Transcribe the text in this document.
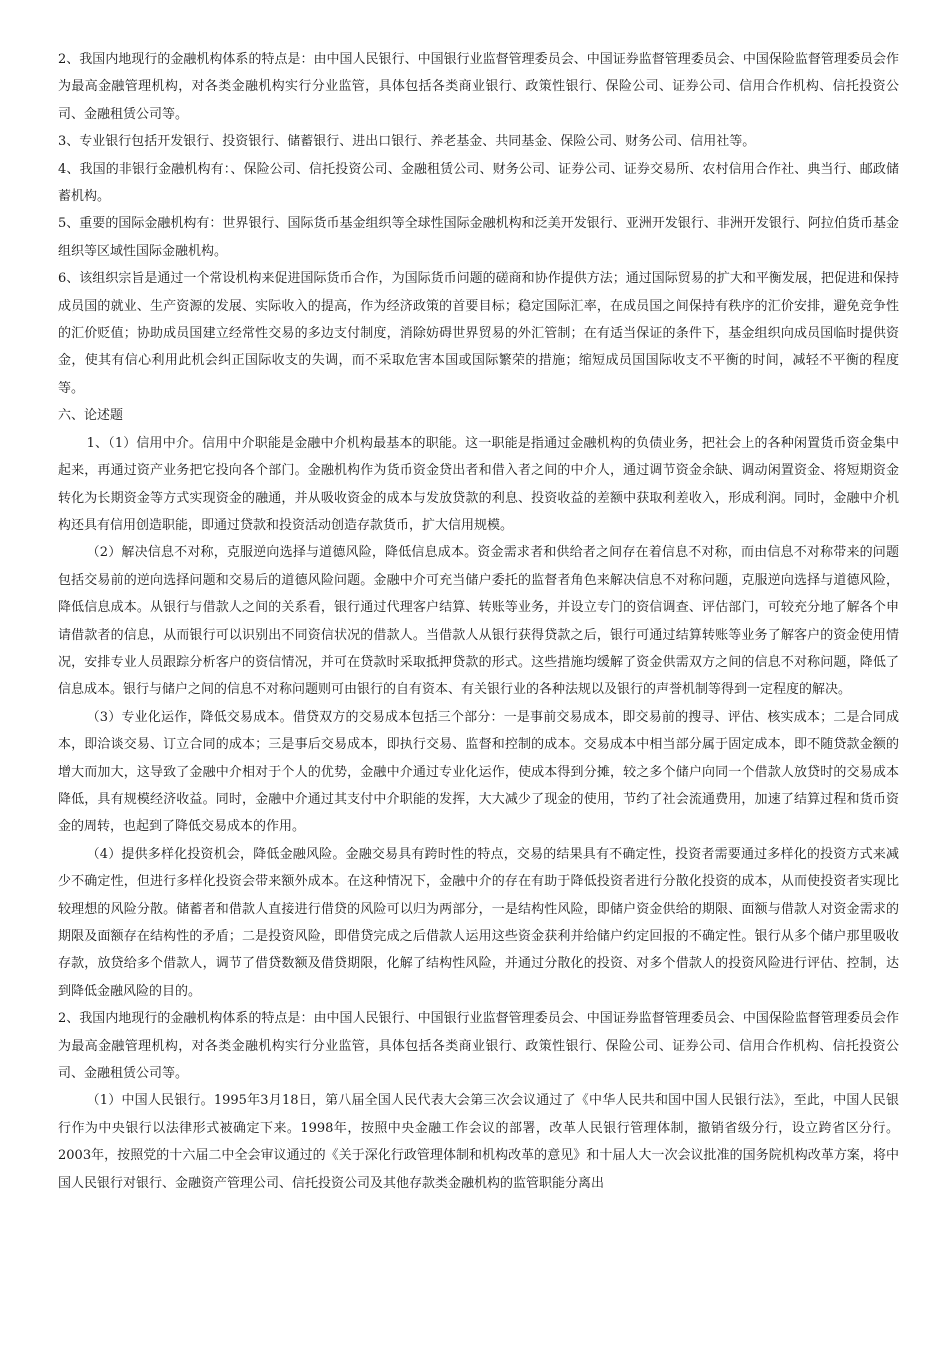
2、我国内地现行的金融机构体系的特点是：由中国人民银行、中国银行业监督管理委员会、中国证券监督管理委员会、中国保险监督管理委员会作为最高金融管理机构，对各类金融机构实行分业监管，具体包括各类商业银行、政策性银行、保险公司、证券公司、信用合作机构、信托投资公司、金融租赁公司等。

3、专业银行包括开发银行、投资银行、储蓄银行、进出口银行、养老基金、共同基金、保险公司、财务公司、信用社等。

4、我国的非银行金融机构有：、保险公司、信托投资公司、金融租赁公司、财务公司、证券公司、证券交易所、农村信用合作社、典当行、邮政储蓄机构。

5、重要的国际金融机构有：世界银行、国际货币基金组织等全球性国际金融机构和泛美开发银行、亚洲开发银行、非洲开发银行、阿拉伯货币基金组织等区域性国际金融机构。

6、该组织宗旨是通过一个常设机构来促进国际货币合作，为国际货币问题的磋商和协作提供方法；通过国际贸易的扩大和平衡发展，把促进和保持成员国的就业、生产资源的发展、实际收入的提高，作为经济政策的首要目标；稳定国际汇率，在成员国之间保持有秩序的汇价安排，避免竞争性的汇价贬值；协助成员国建立经常性交易的多边支付制度，消除妨碍世界贸易的外汇管制；在有适当保证的条件下，基金组织向成员国临时提供资金，使其有信心利用此机会纠正国际收支的失调，而不采取危害本国或国际繁荣的措施；缩短成员国国际收支不平衡的时间，减轻不平衡的程度等。

六、论述题

1、（1）信用中介。信用中介职能是金融中介机构最基本的职能。这一职能是指通过金融机构的负债业务，把社会上的各种闲置货币资金集中起来，再通过资产业务把它投向各个部门。金融机构作为货币资金贷出者和借入者之间的中介人，通过调节资金余缺、调动闲置资金、将短期资金转化为长期资金等方式实现资金的融通，并从吸收资金的成本与发放贷款的利息、投资收益的差额中获取利差收入，形成利润。同时，金融中介机构还具有信用创造职能，即通过贷款和投资活动创造存款货币，扩大信用规模。

（2）解决信息不对称，克服逆向选择与道德风险，降低信息成本。资金需求者和供给者之间存在着信息不对称，而由信息不对称带来的问题包括交易前的逆向选择问题和交易后的道德风险问题。金融中介可充当储户委托的监督者角色来解决信息不对称问题，克服逆向选择与道德风险，降低信息成本。从银行与借款人之间的关系看，银行通过代理客户结算、转账等业务，并设立专门的资信调查、评估部门，可较充分地了解各个申请借款者的信息，从而银行可以识别出不同资信状况的借款人。当借款人从银行获得贷款之后，银行可通过结算转账等业务了解客户的资金使用情况，安排专业人员跟踪分析客户的资信情况，并可在贷款时采取抵押贷款的形式。这些措施均缓解了资金供需双方之间的信息不对称问题，降低了信息成本。银行与储户之间的信息不对称问题则可由银行的自有资本、有关银行业的各种法规以及银行的声誉机制等得到一定程度的解决。

（3）专业化运作，降低交易成本。借贷双方的交易成本包括三个部分：一是事前交易成本，即交易前的搜寻、评估、核实成本；二是合同成本，即洽谈交易、订立合同的成本；三是事后交易成本，即执行交易、监督和控制的成本。交易成本中相当部分属于固定成本，即不随贷款金额的增大而加大，这导致了金融中介相对于个人的优势，金融中介通过专业化运作，使成本得到分摊，较之多个储户向同一个借款人放贷时的交易成本降低，具有规模经济收益。同时，金融中介通过其支付中介职能的发挥，大大减少了现金的使用，节约了社会流通费用，加速了结算过程和货币资金的周转，也起到了降低交易成本的作用。

（4）提供多样化投资机会，降低金融风险。金融交易具有跨时性的特点，交易的结果具有不确定性，投资者需要通过多样化的投资方式来减少不确定性，但进行多样化投资会带来额外成本。在这种情况下，金融中介的存在有助于降低投资者进行分散化投资的成本，从而使投资者实现比较理想的风险分散。储蓄者和借款人直接进行借贷的风险可以归为两部分，一是结构性风险，即储户资金供给的期限、面额与借款人对资金需求的期限及面额存在结构性的矛盾；二是投资风险，即借贷完成之后借款人运用这些资金获利并给储户约定回报的不确定性。银行从多个储户那里吸收存款，放贷给多个借款人，调节了借贷数额及借贷期限，化解了结构性风险，并通过分散化的投资、对多个借款人的投资风险进行评估、控制，达到降低金融风险的目的。

2、我国内地现行的金融机构体系的特点是：由中国人民银行、中国银行业监督管理委员会、中国证券监督管理委员会、中国保险监督管理委员会作为最高金融管理机构，对各类金融机构实行分业监管，具体包括各类商业银行、政策性银行、保险公司、证券公司、信用合作机构、信托投资公司、金融租赁公司等。

（1）中国人民银行。1995年3月18日，第八届全国人民代表大会第三次会议通过了《中华人民共和国中国人民银行法》，至此，中国人民银行作为中央银行以法律形式被确定下来。1998年，按照中央金融工作会议的部署，改革人民银行管理体制，撤销省级分行，设立跨省区分行。2003年，按照党的十六届二中全会审议通过的《关于深化行政管理体制和机构改革的意见》和十届人大一次会议批准的国务院机构改革方案，将中国人民银行对银行、金融资产管理公司、信托投资公司及其他存款类金融机构的监管职能分离出
